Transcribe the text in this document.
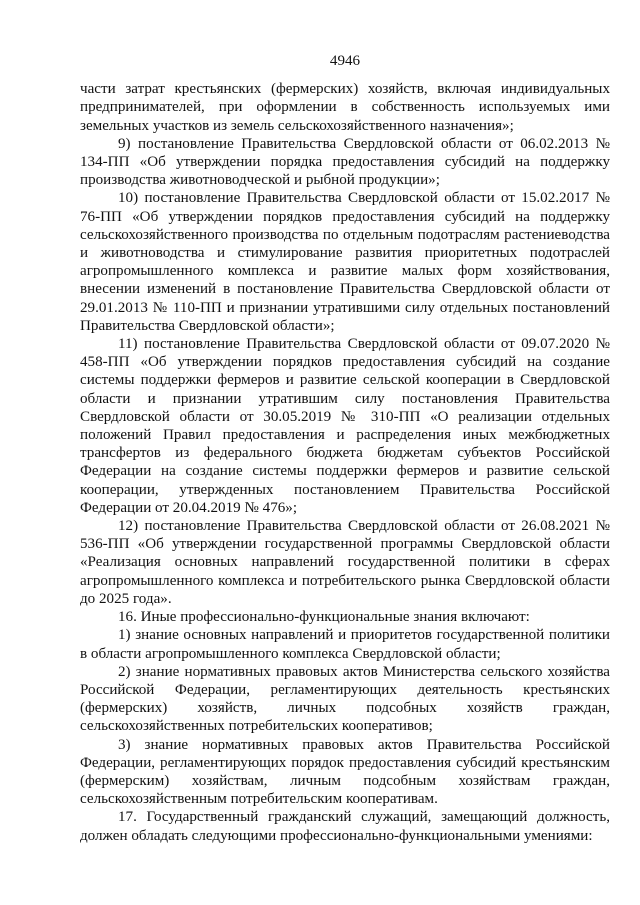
4946

части затрат крестьянских (фермерских) хозяйств, включая индивидуальных предпринимателей, при оформлении в собственность используемых ими земельных участков из земель сельскохозяйственного назначения»;

9) постановление Правительства Свердловской области от 06.02.2013 № 134-ПП «Об утверждении порядка предоставления субсидий на поддержку производства животноводческой и рыбной продукции»;

10) постановление Правительства Свердловской области от 15.02.2017 № 76-ПП «Об утверждении порядков предоставления субсидий на поддержку сельскохозяйственного производства по отдельным подотраслям растениеводства и животноводства и стимулирование развития приоритетных подотраслей агропромышленного комплекса и развитие малых форм хозяйствования, внесении изменений в постановление Правительства Свердловской области от 29.01.2013 № 110-ПП и признании утратившими силу отдельных постановлений Правительства Свердловской области»;

11) постановление Правительства Свердловской области от 09.07.2020 № 458-ПП «Об утверждении порядков предоставления субсидий на создание системы поддержки фермеров и развитие сельской кооперации в Свердловской области и признании утратившим силу постановления Правительства Свердловской области от 30.05.2019 № 310-ПП «О реализации отдельных положений Правил предоставления и распределения иных межбюджетных трансфертов из федерального бюджета бюджетам субъектов Российской Федерации на создание системы поддержки фермеров и развитие сельской кооперации, утвержденных постановлением Правительства Российской Федерации от 20.04.2019 № 476»;

12) постановление Правительства Свердловской области от 26.08.2021 № 536-ПП «Об утверждении государственной программы Свердловской области «Реализация основных направлений государственной политики в сферах агропромышленного комплекса и потребительского рынка Свердловской области до 2025 года».

16. Иные профессионально-функциональные знания включают:

1) знание основных направлений и приоритетов государственной политики в области агропромышленного комплекса Свердловской области;

2) знание нормативных правовых актов Министерства сельского хозяйства Российской Федерации, регламентирующих деятельность крестьянских (фермерских) хозяйств, личных подсобных хозяйств граждан, сельскохозяйственных потребительских кооперативов;

3) знание нормативных правовых актов Правительства Российской Федерации, регламентирующих порядок предоставления субсидий крестьянским (фермерским) хозяйствам, личным подсобным хозяйствам граждан, сельскохозяйственным потребительским кооперативам.

17. Государственный гражданский служащий, замещающий должность, должен обладать следующими профессионально-функциональными умениями:
